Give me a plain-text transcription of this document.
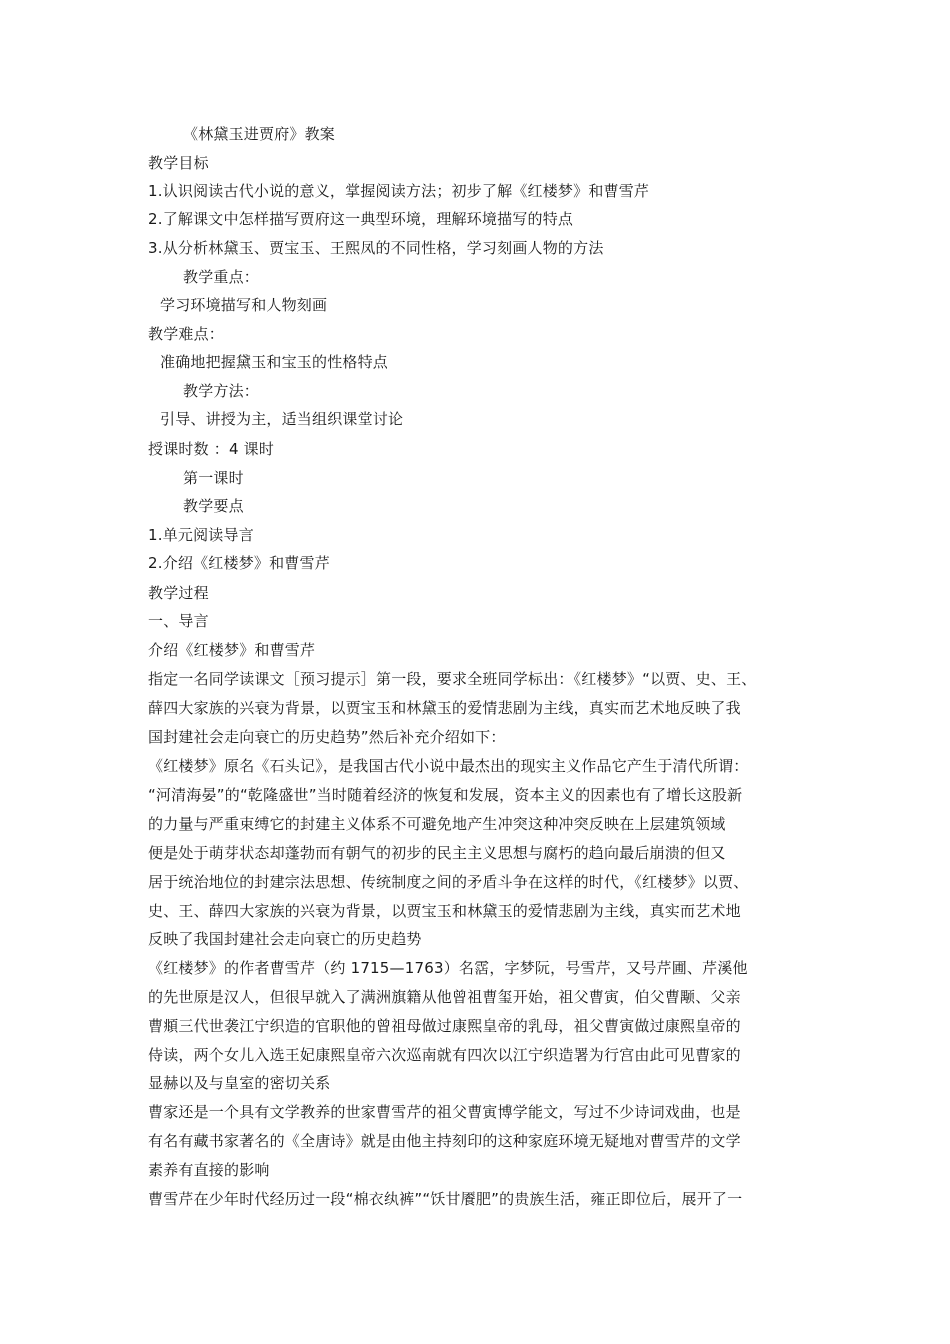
《林黛玉进贾府》教案

教学目标

1.认识阅读古代小说的意义，掌握阅读方法；初步了解《红楼梦》和曹雪芹

2.了解课文中怎样描写贾府这一典型环境，理解环境描写的特点

3.从分析林黛玉、贾宝玉、王熙凤的不同性格，学习刻画人物的方法

教学重点：

学习环境描写和人物刻画

教学难点：

准确地把握黛玉和宝玉的性格特点

教学方法：

引导、讲授为主，适当组织课堂讨论

授课时数 ：4 课时

第一课时

教学要点

1.单元阅读导言

2.介绍《红楼梦》和曹雪芹

教学过程

一、导言

介绍《红楼梦》和曹雪芹

指定一名同学读课文［预习提示］第一段，要求全班同学标出：《红楼梦》“以贾、史、王、

薛四大家族的兴衰为背景，以贾宝玉和林黛玉的爱情悲剧为主线，真实而艺术地反映了我

国封建社会走向衰亡的历史趋势”然后补充介绍如下：

《红楼梦》原名《石头记》，是我国古代小说中最杰出的现实主义作品它产生于清代所谓：

“河清海晏”的“乾隆盛世”当时随着经济的恢复和发展，资本主义的因素也有了增长这股新

的力量与严重束缚它的封建主义体系不可避免地产生冲突这种冲突反映在上层建筑领域

便是处于萌芽状态却蓬勃而有朝气的初步的民主主义思想与腐朽的趋向最后崩溃的但又

居于统治地位的封建宗法思想、传统制度之间的矛盾斗争在这样的时代，《红楼梦》以贾、

史、王、薛四大家族的兴衰为背景，以贾宝玉和林黛玉的爱情悲剧为主线，真实而艺术地

反映了我国封建社会走向衰亡的历史趋势

《红楼梦》的作者曹雪芹（约 1715—1763）名霑，字梦阮，号雪芹，又号芹圃、芹溪他

的先世原是汉人，但很早就入了满洲旗籍从他曾祖曹玺开始，祖父曹寅，伯父曹颙、父亲

曹頫三代世袭江宁织造的官职他的曾祖母做过康熙皇帝的乳母，祖父曹寅做过康熙皇帝的

侍读，两个女儿入选王妃康熙皇帝六次巡南就有四次以江宁织造署为行宫由此可见曹家的

显赫以及与皇室的密切关系

曹家还是一个具有文学教养的世家曹雪芹的祖父曹寅博学能文，写过不少诗词戏曲，也是

有名有藏书家著名的《全唐诗》就是由他主持刻印的这种家庭环境无疑地对曹雪芹的文学

素养有直接的影响

曹雪芹在少年时代经历过一段“棉衣纨裤”“饫甘餍肥”的贵族生活，雍正即位后，展开了一
